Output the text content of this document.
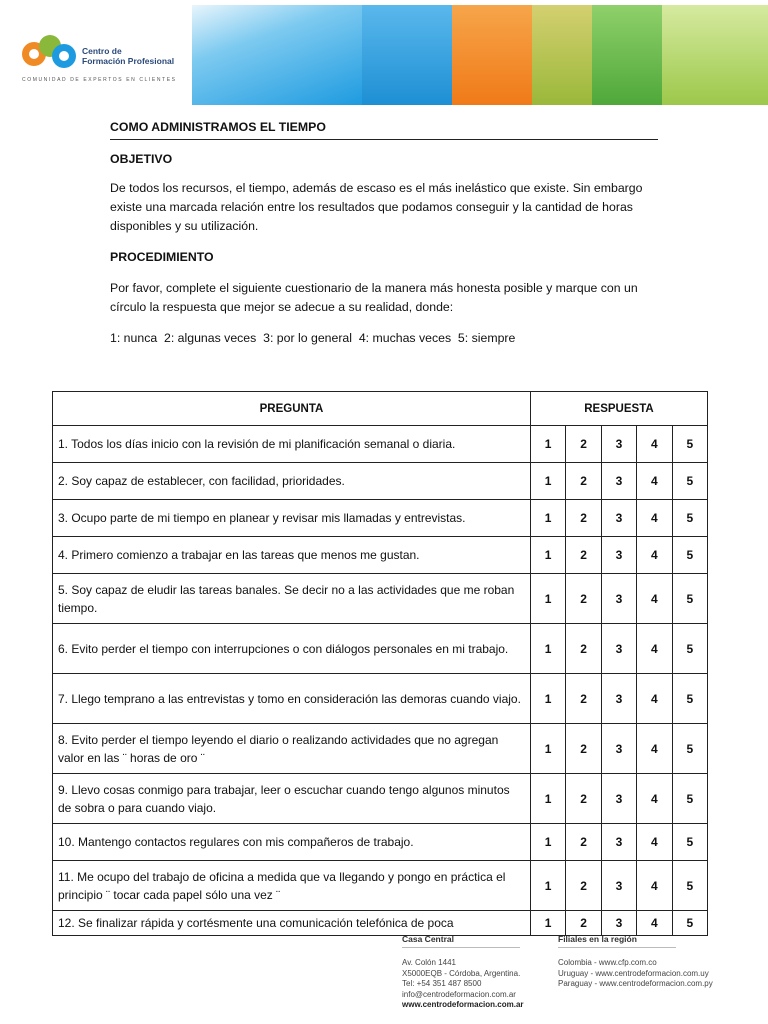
Centro de
Formación Profesional
COMUNIDAD DE EXPERTOS EN CLIENTES
COMO ADMINISTRAMOS EL TIEMPO
OBJETIVO
De todos los recursos, el tiempo, además de escaso es el más inelástico que existe. Sin embargo existe una marcada relación entre los resultados que podamos conseguir y la cantidad de horas disponibles y su utilización.
PROCEDIMIENTO
Por favor, complete el siguiente cuestionario de la manera más honesta posible y marque con un círculo la respuesta que mejor se adecue a su realidad, donde:
1: nunca  2: algunas veces  3: por lo general  4: muchas veces  5: siempre
PREGUNTA	RESPUESTA				
1. Todos los días inicio con la revisión de mi planificación semanal o diaria.	1	2	3	4	5
2. Soy capaz de establecer, con facilidad, prioridades.	1	2	3	4	5
3. Ocupo parte de mi tiempo en planear y revisar mis llamadas y entrevistas.	1	2	3	4	5
4. Primero comienzo a trabajar en las tareas que menos me gustan.	1	2	3	4	5
5. Soy capaz de eludir las tareas banales. Se decir no a las actividades que me roban tiempo.	1	2	3	4	5
6. Evito perder el tiempo con interrupciones o con diálogos personales en mi trabajo.	1	2	3	4	5
7. Llego temprano a las entrevistas y tomo en consideración las demoras cuando viajo.	1	2	3	4	5
8. Evito perder el tiempo leyendo el diario o realizando actividades que no agregan valor en las ¨ horas de oro ¨	1	2	3	4	5
9. Llevo cosas conmigo para trabajar, leer o escuchar cuando tengo algunos minutos de sobra o para cuando viajo.	1	2	3	4	5
10. Mantengo contactos regulares con mis compañeros de trabajo.	1	2	3	4	5
11. Me ocupo del trabajo de oficina a medida que va llegando y pongo en práctica el principio ¨ tocar cada papel sólo una vez ¨	1	2	3	4	5
12. Se finalizar rápida y cortésmente una comunicación telefónica de poca	1	2	3	4	5
Casa Central
Av. Colón 1441
X5000EQB - Córdoba, Argentina.
Tel: +54 351 487 8500
info@centrodeformacion.com.ar
www.centrodeformacion.com.ar
Filiales en la región
Colombia - www.cfp.com.co
Uruguay - www.centrodeformacion.com.uy
Paraguay - www.centrodeformacion.com.py
